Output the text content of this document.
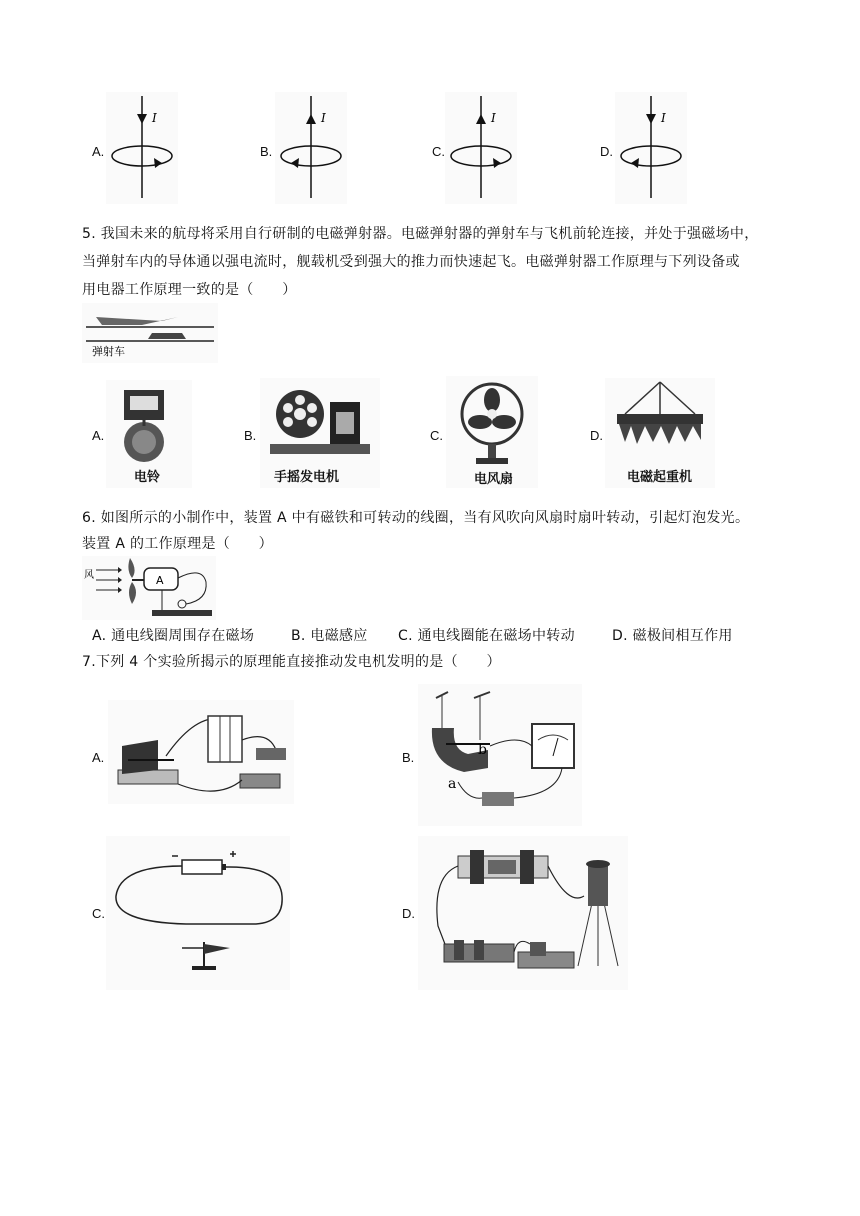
A.
I
B.
I
C.
I
D.
I
5. 我国未来的航母将采用自行研制的电磁弹射器。电磁弹射器的弹射车与飞机前轮连接，并处于强磁场中，
当弹射车内的导体通以强电流时，舰载机受到强大的推力而快速起飞。电磁弹射器工作原理与下列设备或
用电器工作原理一致的是（　　）
弹射车
A.
电铃
B.
手摇发电机
C.
电风扇
D.
电磁起重机
6. 如图所示的小制作中，装置 A 中有磁铁和可转动的线圈，当有风吹向风扇时扇叶转动，引起灯泡发光。
装置 A 的工作原理是（　　）
风	A
A. 通电线圈周围存在磁场	B. 电磁感应 C. 通电线圈能在磁场中转动	D. 磁极间相互作用
7.下列 4 个实验所揭示的原理能直接推动发电机发明的是（　　）
A.	B.	b
a
C.	D.
